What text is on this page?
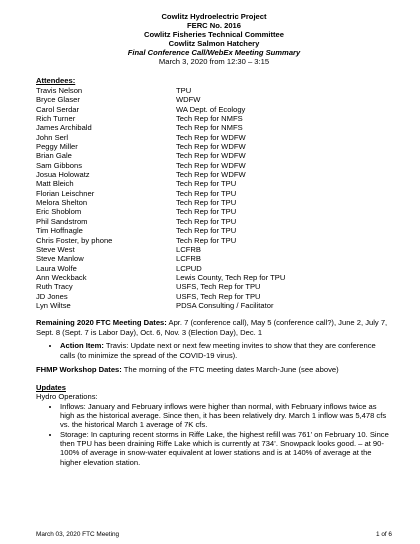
Cowlitz Hydroelectric Project
FERC No. 2016
Cowlitz Fisheries Technical Committee
Cowlitz Salmon Hatchery
Final Conference Call/WebEx Meeting Summary
March 3, 2020 from 12:30 – 3:15
Attendees:
Travis Nelson	TPU
Bryce Glaser	WDFW
Carol Serdar	WA Dept. of Ecology
Rich Turner	Tech Rep for NMFS
James Archibald	Tech Rep for NMFS
John Serl	Tech Rep for WDFW
Peggy Miller	Tech Rep for WDFW
Brian Gale	Tech Rep for WDFW
Sam Gibbons	Tech Rep for WDFW
Josua Holowatz	Tech Rep for WDFW
Matt Bleich	Tech Rep for TPU
Florian Leischner	Tech Rep for TPU
Melora Shelton	Tech Rep for TPU
Eric Shoblom	Tech Rep for TPU
Phil Sandstrom	Tech Rep for TPU
Tim Hoffnagle	Tech Rep for TPU
Chris Foster, by phone	Tech Rep for TPU
Steve West	LCFRB
Steve Manlow	LCFRB
Laura Wolfe	LCPUD
Ann Weckback	Lewis County, Tech Rep for TPU
Ruth Tracy	USFS, Tech Rep for TPU
JD Jones	USFS, Tech Rep for TPU
Lyn Wiltse	PDSA Consulting / Facilitator
Remaining 2020 FTC Meeting Dates: Apr. 7 (conference call), May 5 (conference call?), June 2, July 7, Sept. 8 (Sept. 7 is Labor Day), Oct. 6, Nov. 3 (Election Day), Dec. 1
• Action Item: Travis: Update next or next few meeting invites to show that they are conference calls (to minimize the spread of the COVID-19 virus).
FHMP Workshop Dates: The morning of the FTC meeting dates March-June (see above)
Updates
Hydro Operations:
• Inflows: January and February inflows were higher than normal, with February inflows twice as high as the historical average. Since then, it has been relatively dry. March 1 inflow was 5,478 cfs vs. the historical March 1 average of 7K cfs.
• Storage: In capturing recent storms in Riffe Lake, the highest refill was 761’ on February 10. Since then TPU has been draining Riffe Lake which is currently at 734’. Snowpack looks good. – at 90-100% of average in snow-water equivalent at lower stations and is at 140% of average at the higher elevation station.
March 03, 2020 FTC Meeting	1 of 6
